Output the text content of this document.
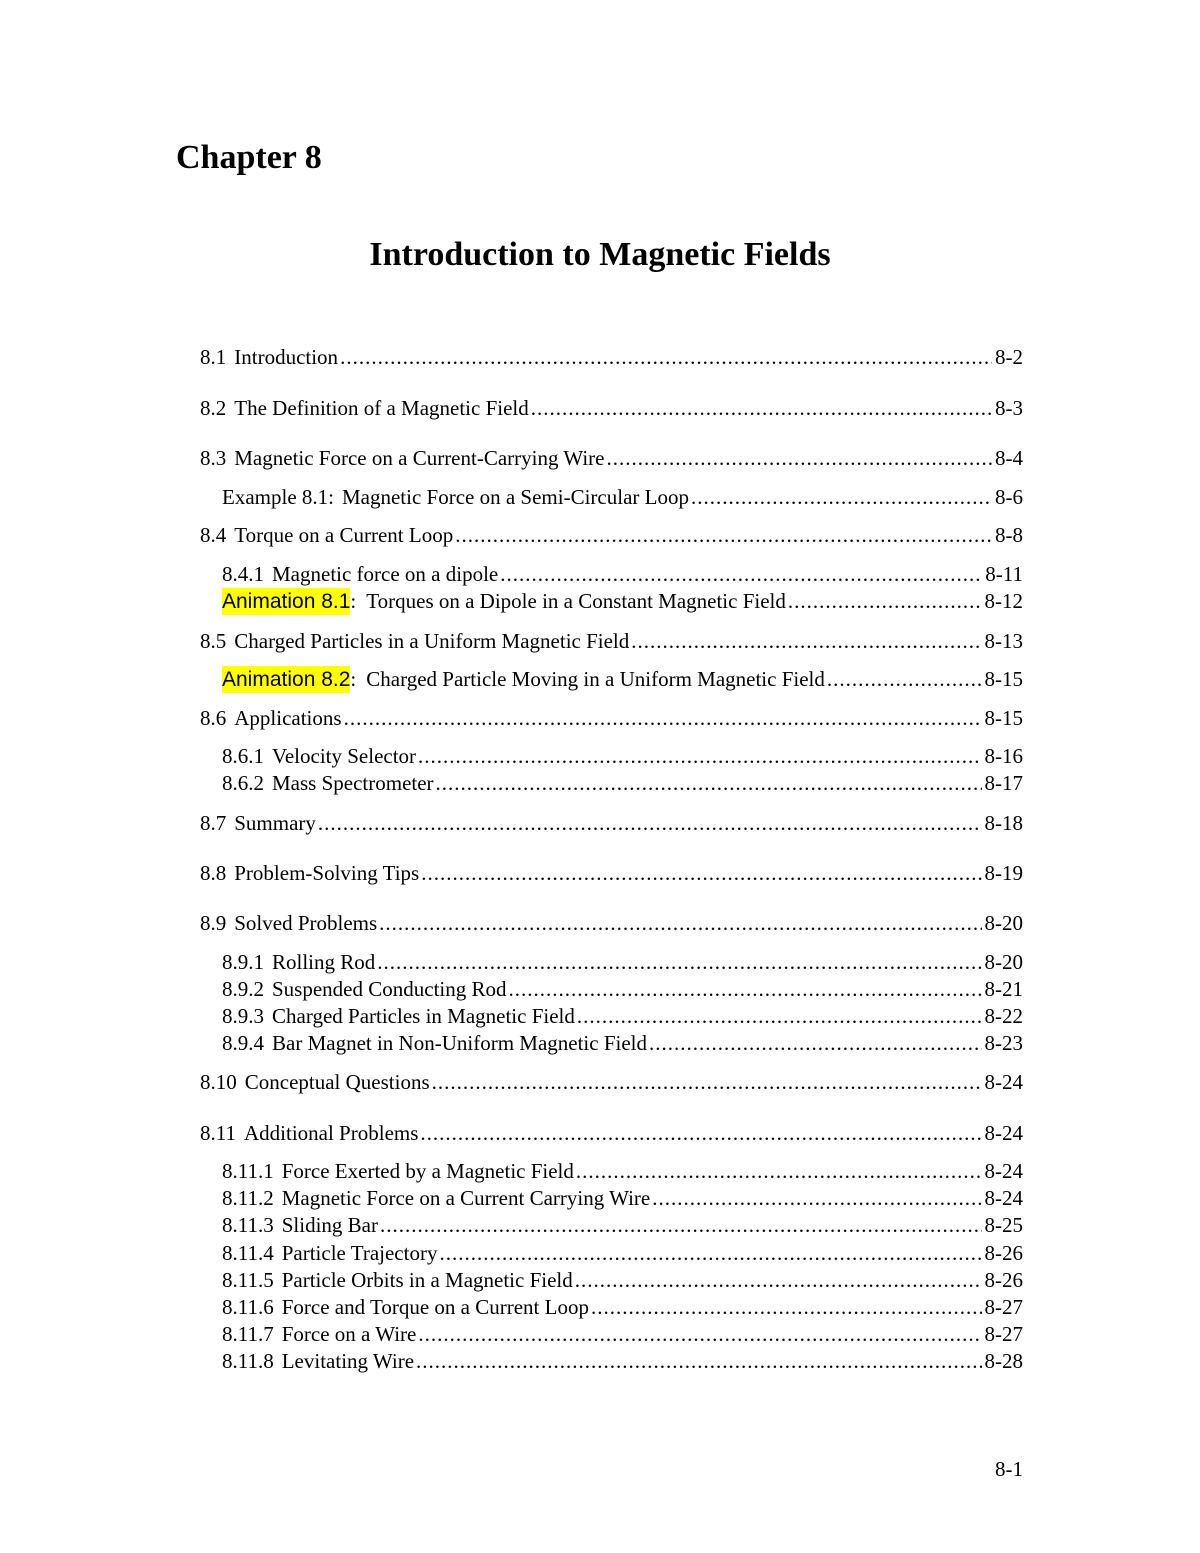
Chapter 8
Introduction to Magnetic Fields
8.1 Introduction .....	8-2
8.2 The Definition of a Magnetic Field .....	8-3
8.3 Magnetic Force on a Current-Carrying Wire .....	8-4
Example 8.1: Magnetic Force on a Semi-Circular Loop .....	8-6
8.4 Torque on a Current Loop .....	8-8
8.4.1 Magnetic force on a dipole .....	8-11
Animation 8.1 : Torques on a Dipole in a Constant Magnetic Field .....	8-12
8.5 Charged Particles in a Uniform Magnetic Field .....	8-13
Animation 8.2 : Charged Particle Moving in a Uniform Magnetic Field .....	8-15
8.6 Applications .....	8-15
8.6.1 Velocity Selector .....	8-16
8.6.2 Mass Spectrometer .....	8-17
8.7 Summary .....	8-18
8.8 Problem-Solving Tips .....	8-19
8.9 Solved Problems .....	8-20
8.9.1 Rolling Rod .....	8-20
8.9.2 Suspended Conducting Rod .....	8-21
8.9.3 Charged Particles in Magnetic Field .....	8-22
8.9.4 Bar Magnet in Non-Uniform Magnetic Field .....	8-23
8.10 Conceptual Questions .....	8-24
8.11 Additional Problems .....	8-24
8.11.1 Force Exerted by a Magnetic Field .....	8-24
8.11.2 Magnetic Force on a Current Carrying Wire .....	8-24
8.11.3 Sliding Bar .....	8-25
8.11.4 Particle Trajectory .....	8-26
8.11.5 Particle Orbits in a Magnetic Field .....	8-26
8.11.6 Force and Torque on a Current Loop .....	8-27
8.11.7 Force on a Wire .....	8-27
8.11.8 Levitating Wire .....	8-28
8-1
